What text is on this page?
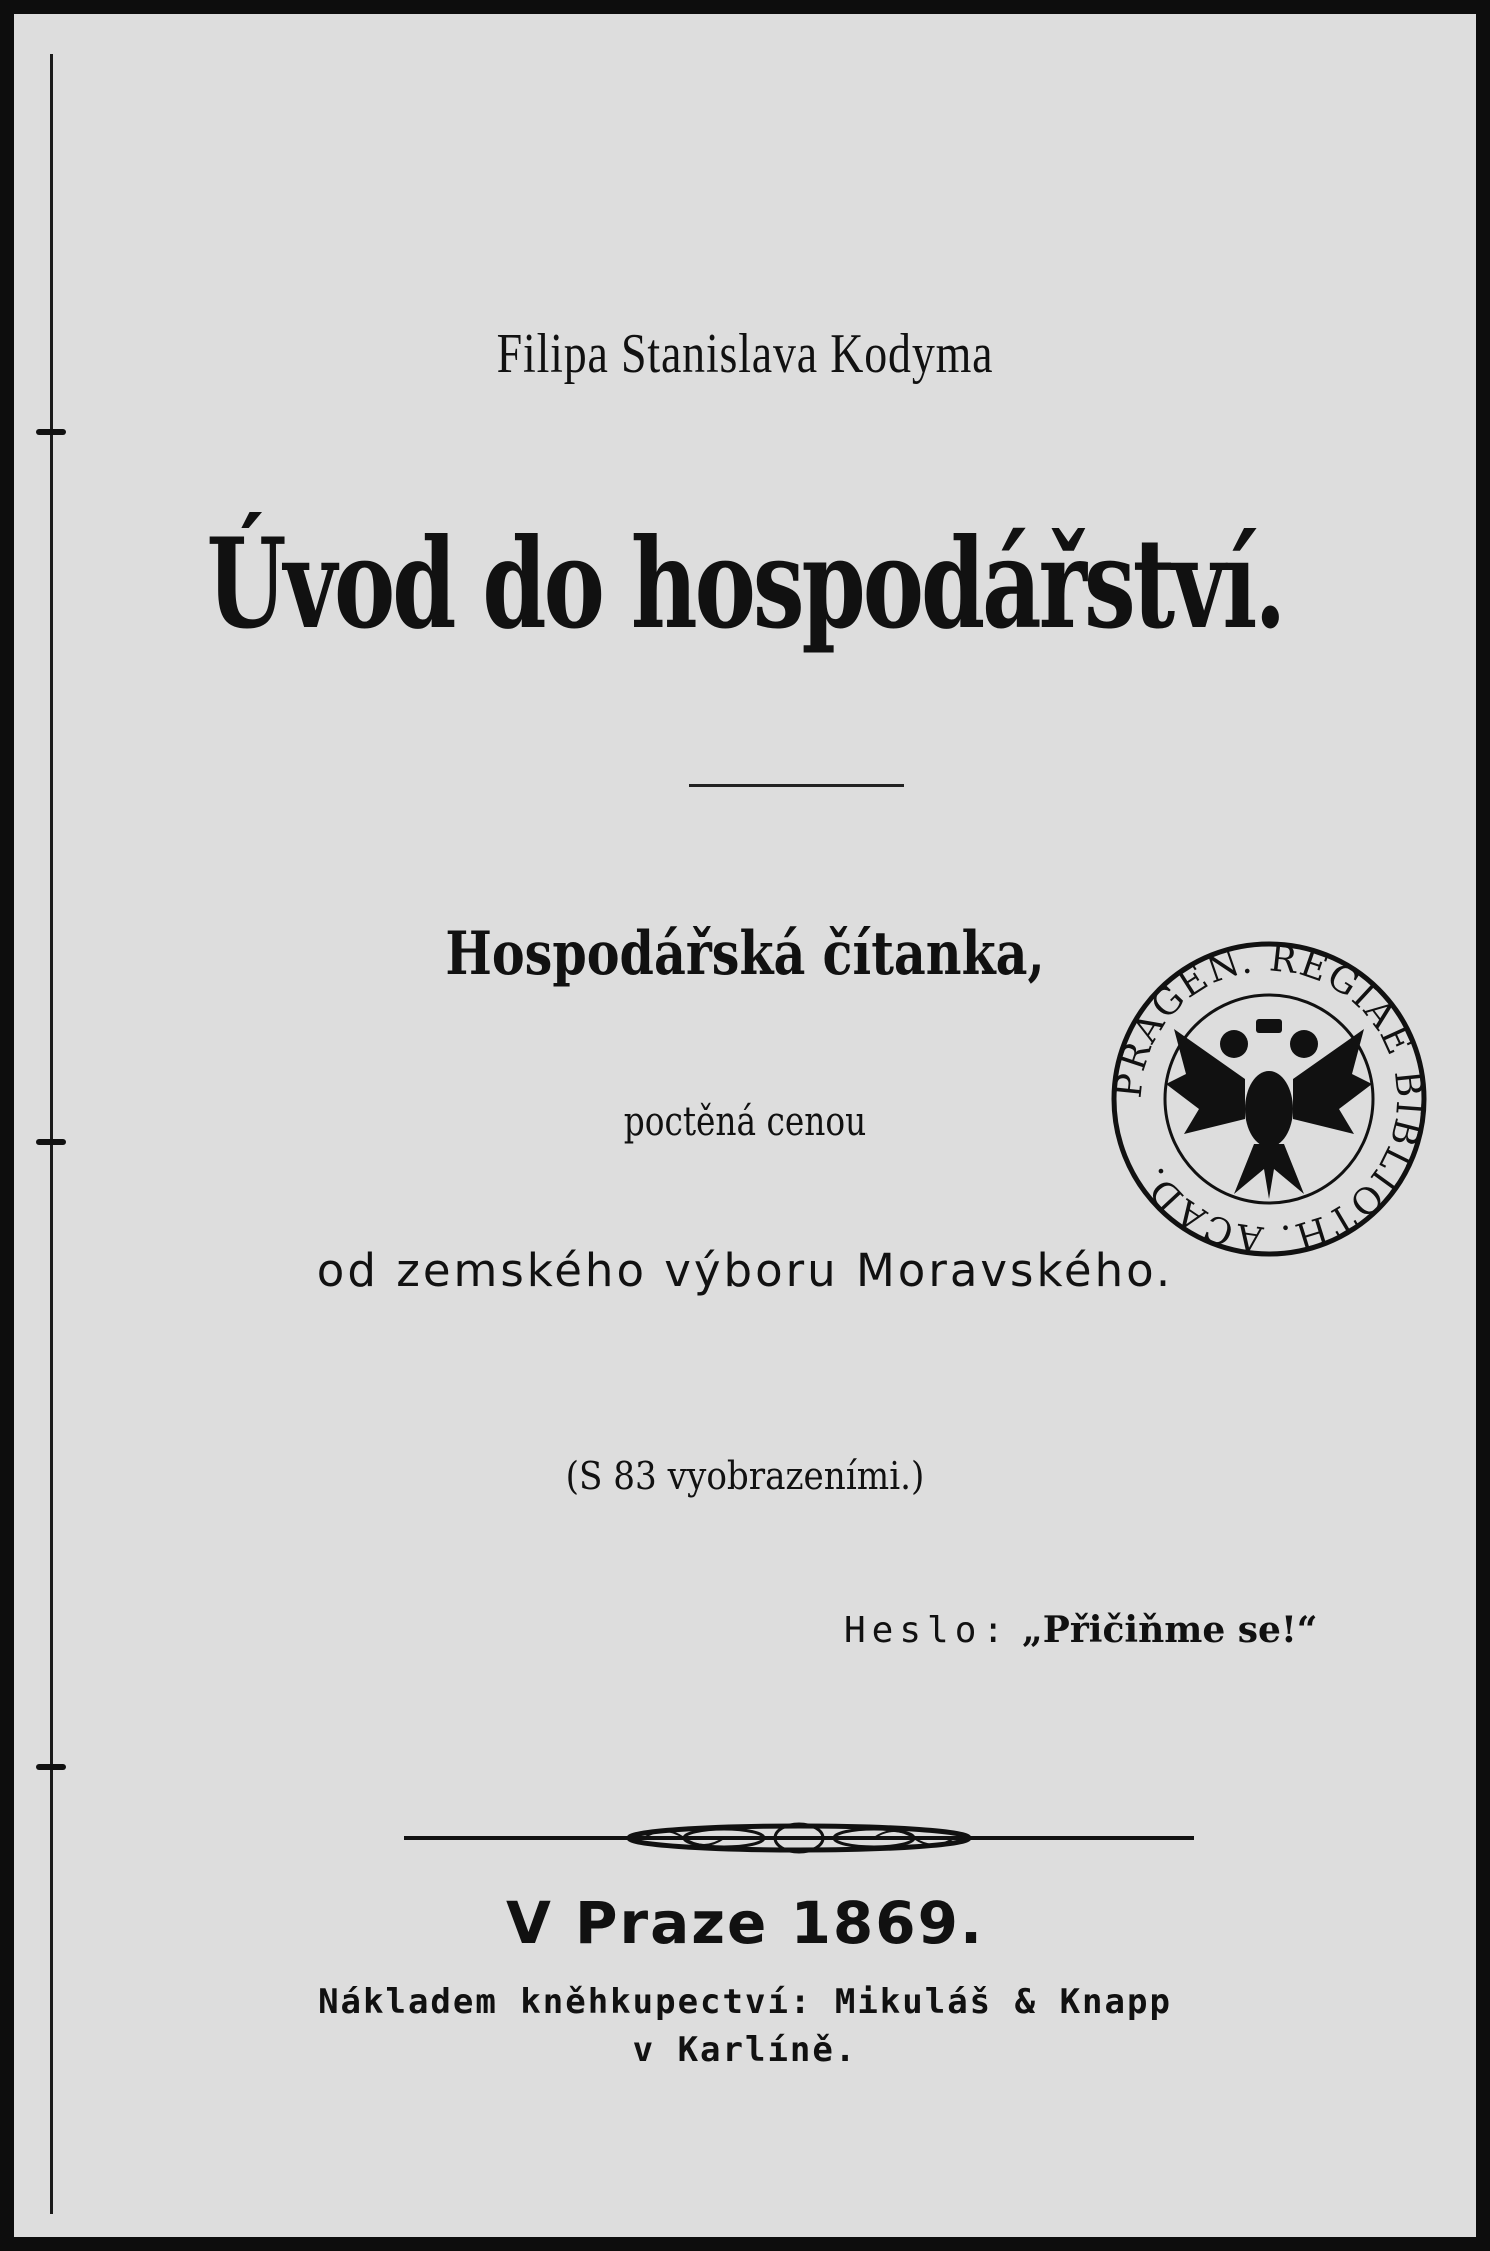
Filipa Stanislava Kodyma
Úvod do hospodářství.
Hospodářská čítanka,
poctěná cenou
od zemského výboru Moravského.
(S 83 vyobrazeními.)
Heslo: „Přičiňme se!“
V Praze 1869.
Nákladem kněhkupectví: Mikuláš & Knapp
v Karlíně.
PRAGEN. REGIAE BIBLIOTH. ACAD.
